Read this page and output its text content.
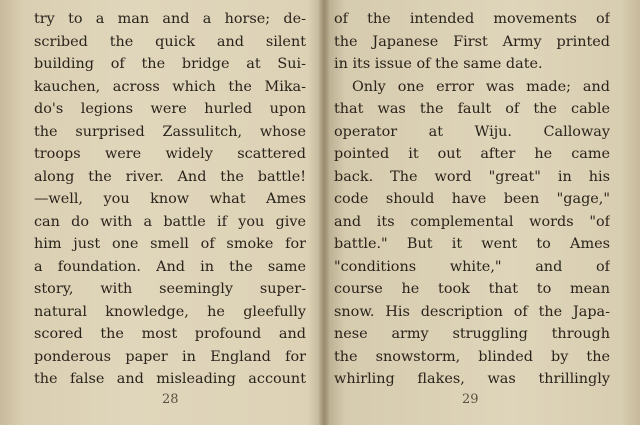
try to a man and a horse; de-
scribed the quick and silent
building of the bridge at Sui-
kauchen, across which the Mika-
do's legions were hurled upon
the surprised Zassulitch, whose
troops were widely scattered
along the river. And the battle!
—well, you know what Ames
can do with a battle if you give
him just one smell of smoke for
a foundation. And in the same
story, with seemingly super-
natural knowledge, he gleefully
scored the most profound and
ponderous paper in England for
the false and misleading account
28
of the intended movements of
the Japanese First Army printed
in its issue of the same date.
Only one error was made; and
that was the fault of the cable
operator at Wiju. Calloway
pointed it out after he came
back. The word "great" in his
code should have been "gage,"
and its complemental words "of
battle." But it went to Ames
"conditions white," and of
course he took that to mean
snow. His description of the Japa-
nese army struggling through
the snowstorm, blinded by the
whirling flakes, was thrillingly
29
